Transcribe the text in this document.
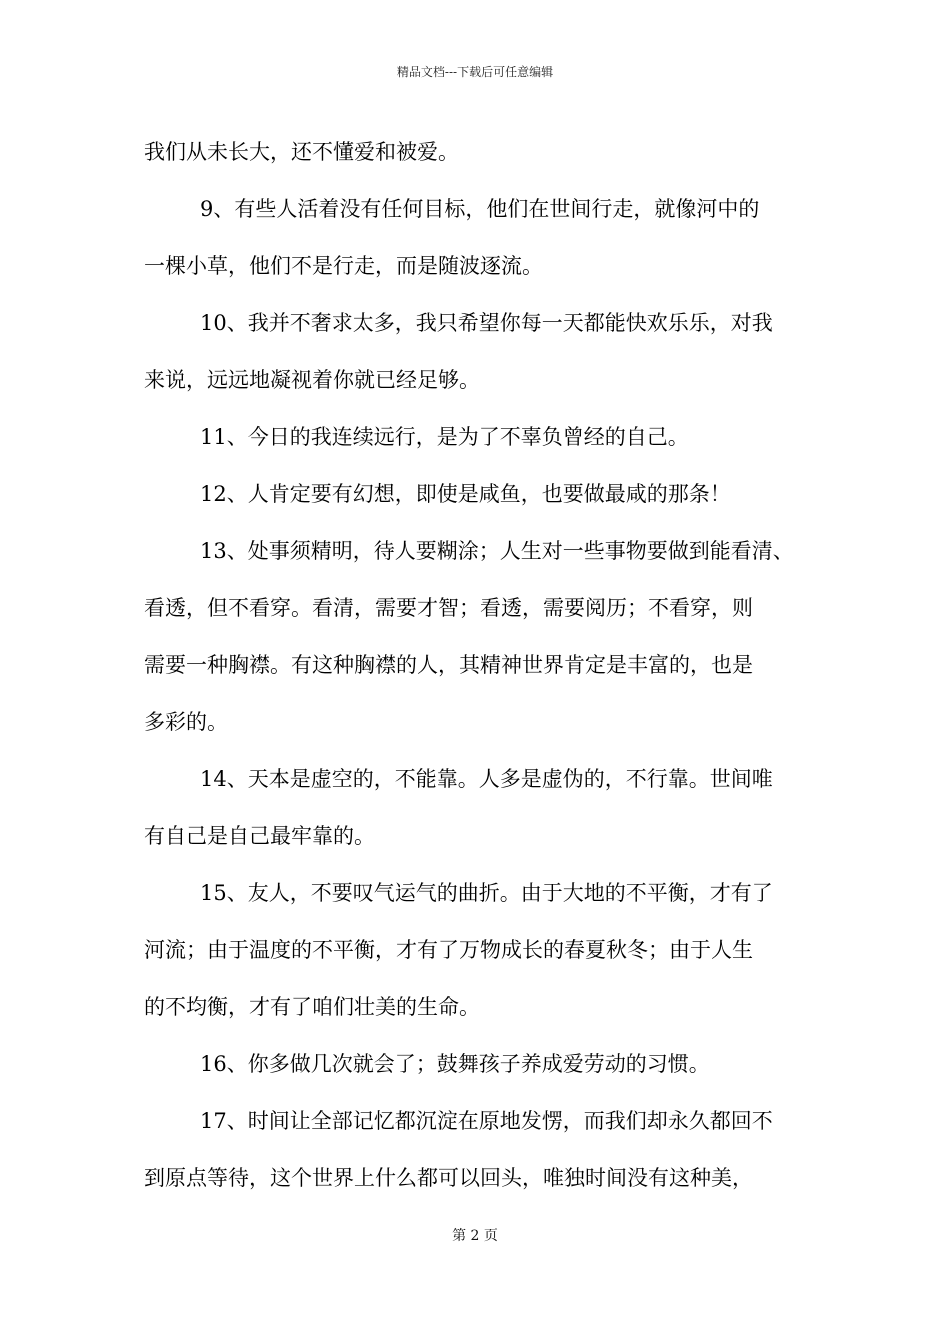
精品文档---下载后可任意编辑
我们从未长大，还不懂爱和被爱。
9、有些人活着没有任何目标，他们在世间行走，就像河中的
一棵小草，他们不是行走，而是随波逐流。
10、我并不奢求太多，我只希望你每一天都能快欢乐乐，对我
来说，远远地凝视着你就已经足够。
11、今日的我连续远行，是为了不辜负曾经的自己。
12、人肯定要有幻想，即使是咸鱼，也要做最咸的那条！
13、处事须精明，待人要糊涂；人生对一些事物要做到能看清、
看透，但不看穿。看清，需要才智；看透，需要阅历；不看穿，则
需要一种胸襟。有这种胸襟的人，其精神世界肯定是丰富的，也是
多彩的。
14、天本是虚空的，不能靠。人多是虚伪的，不行靠。世间唯
有自己是自己最牢靠的。
15、友人，不要叹气运气的曲折。由于大地的不平衡，才有了
河流；由于温度的不平衡，才有了万物成长的春夏秋冬；由于人生
的不均衡，才有了咱们壮美的生命。
16、你多做几次就会了；鼓舞孩子养成爱劳动的习惯。
17、时间让全部记忆都沉淀在原地发愣，而我们却永久都回不
到原点等待，这个世界上什么都可以回头，唯独时间没有这种美，
第 2 页
